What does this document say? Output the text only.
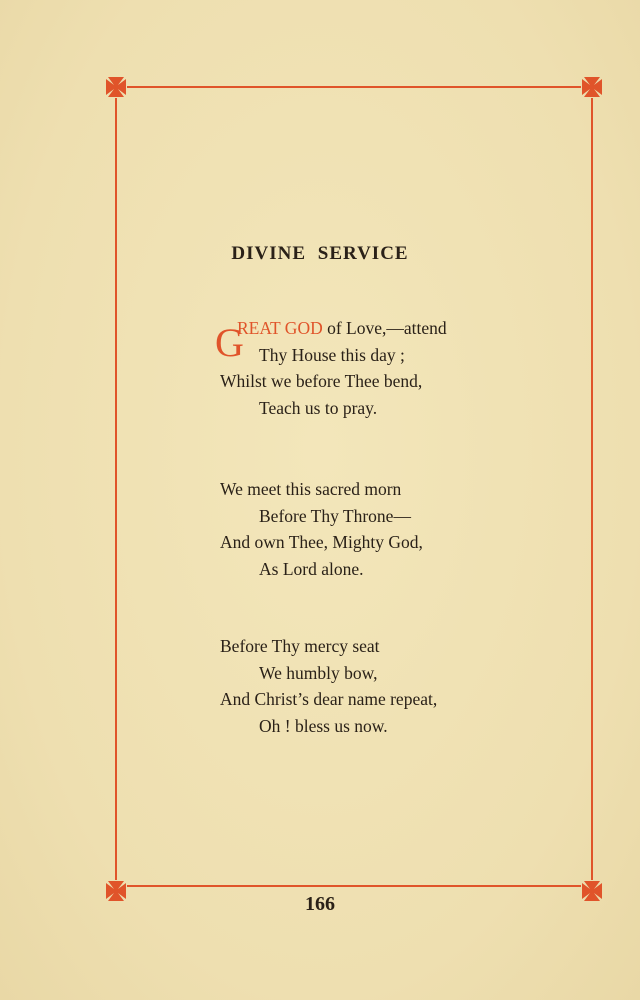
DIVINE SERVICE
G
REAT GOD of Love,—attend
Thy House this day ;
Whilst we before Thee bend,
Teach us to pray.
We meet this sacred morn
Before Thy Throne—
And own Thee, Mighty God,
As Lord alone.
Before Thy mercy seat
We humbly bow,
And Christ’s dear name repeat,
Oh ! bless us now.
166
